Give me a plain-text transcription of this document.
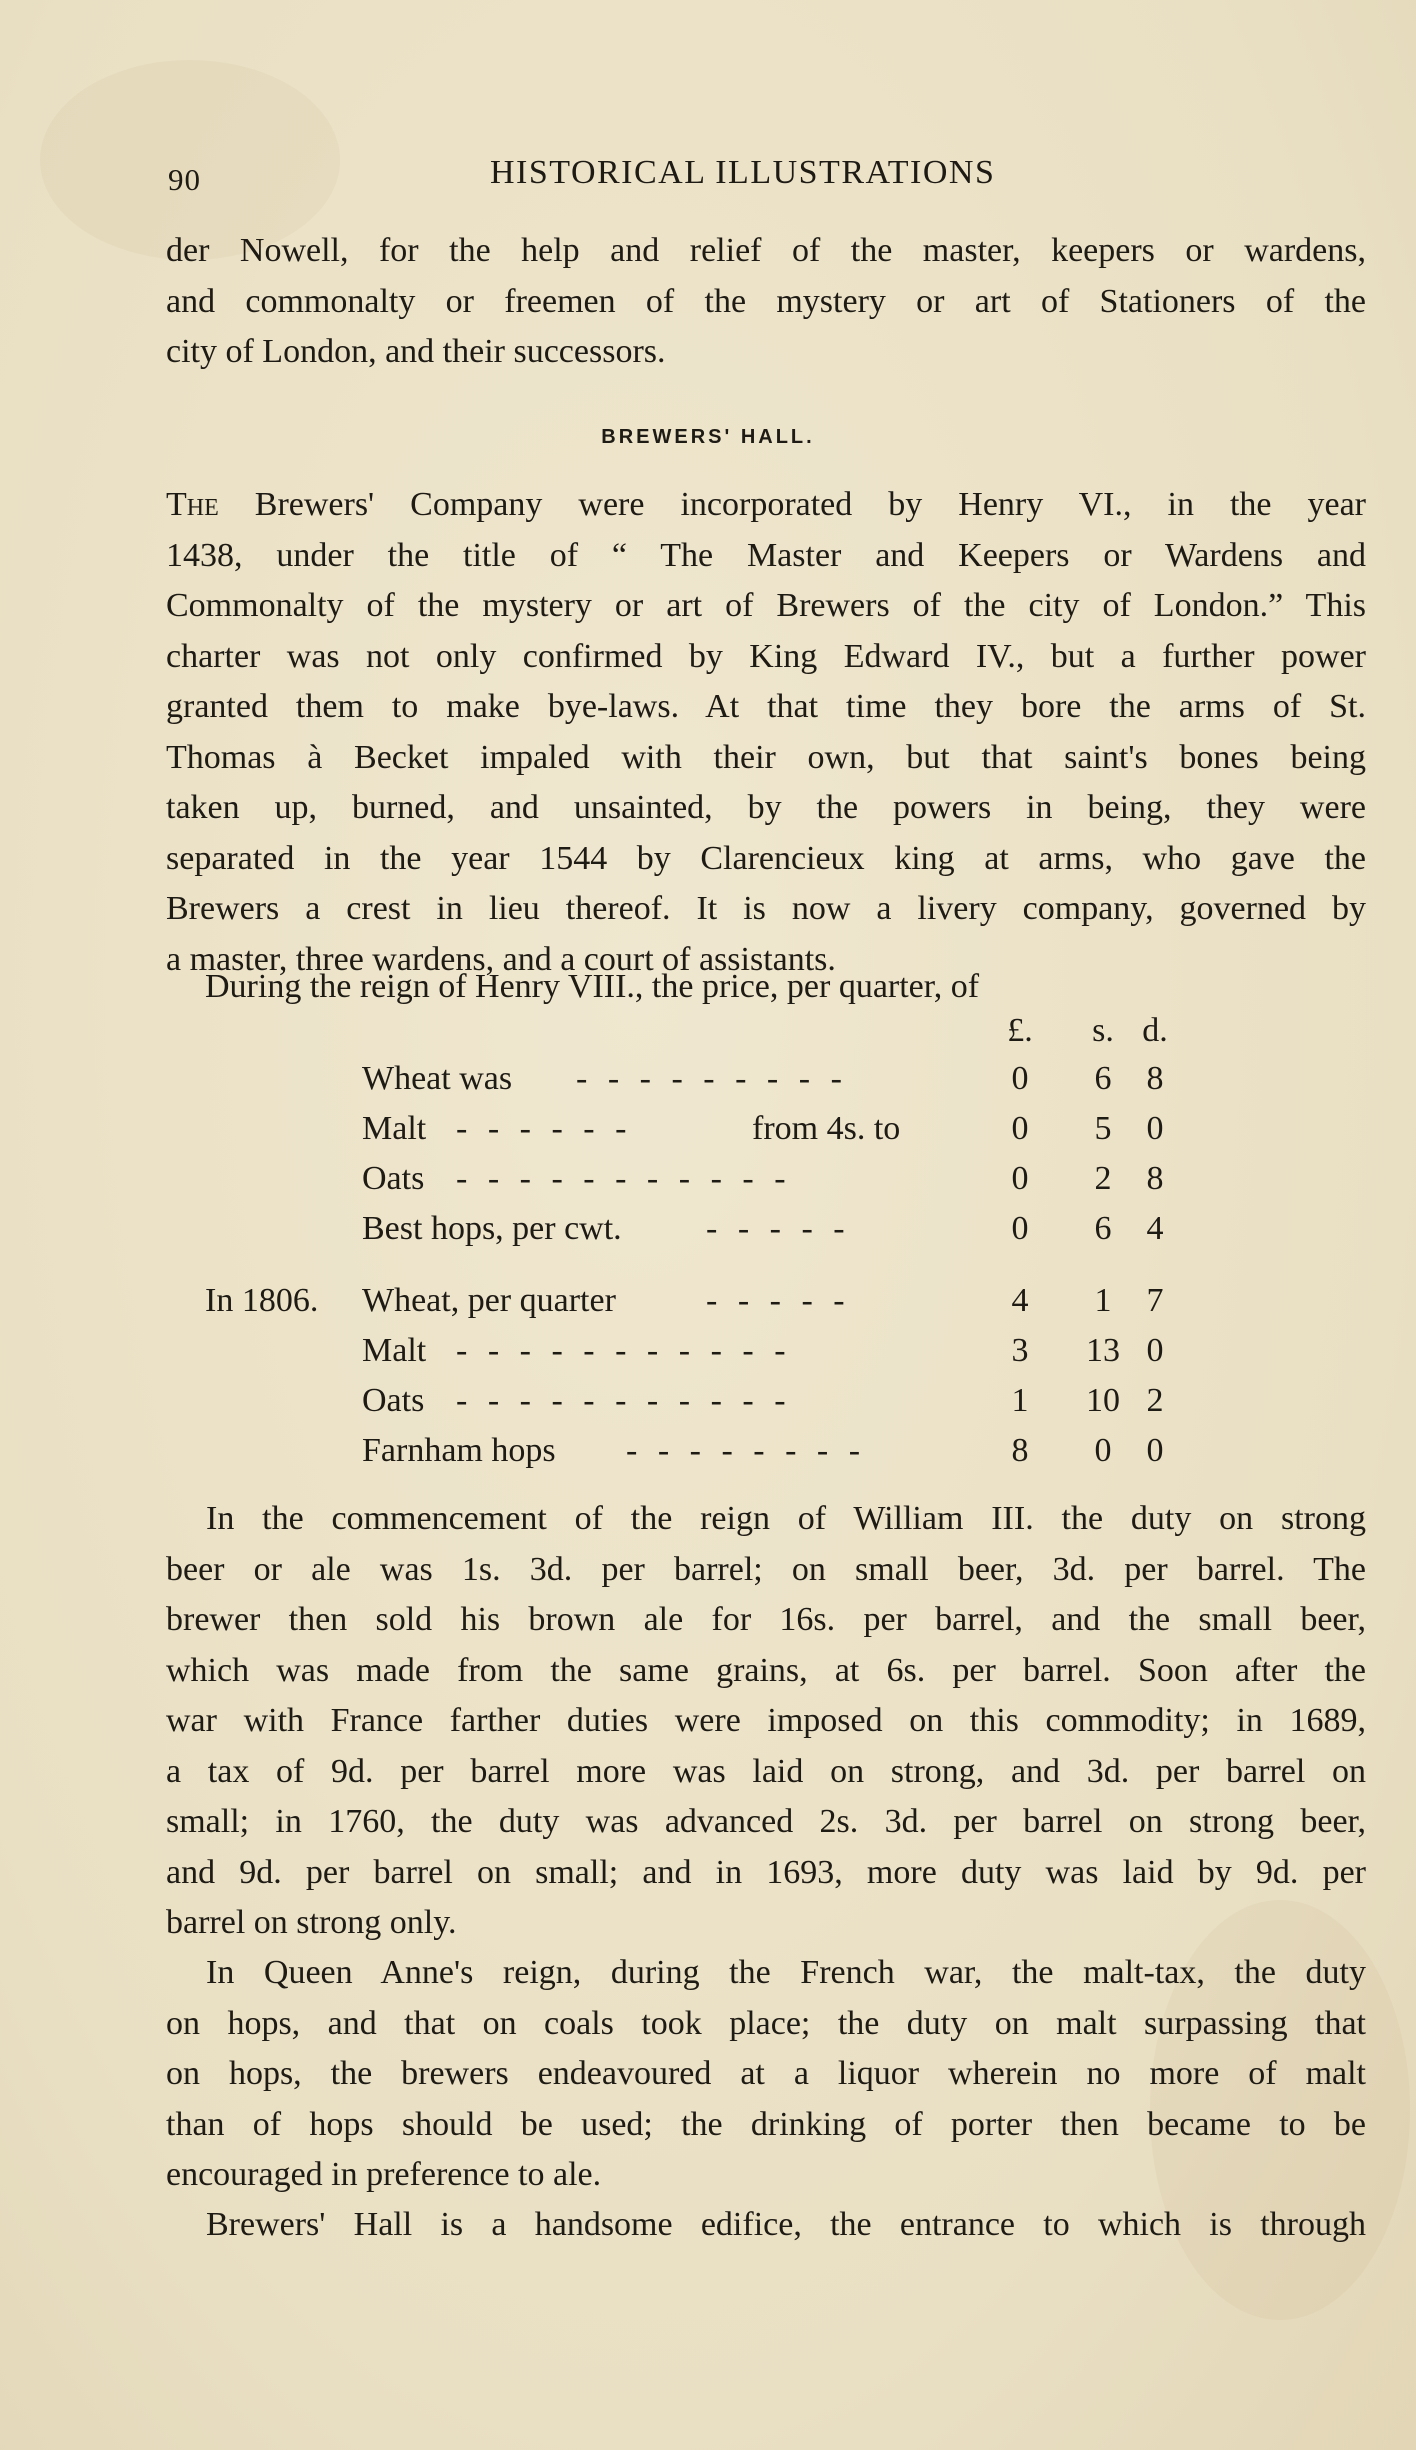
90	HISTORICAL ILLUSTRATIONS
der Nowell, for the help and relief of the master, keepers or wardens,
and commonalty or freemen of the mystery or art of Stationers of the
city of London, and their successors.
BREWERS' HALL.
The Brewers' Company were incorporated by Henry VI., in the year
1438, under the title of “ The Master and Keepers or Wardens and
Commonalty of the mystery or art of Brewers of the city of London.” This
charter was not only confirmed by King Edward IV., but a further power
granted them to make bye-laws. At that time they bore the arms of St.
Thomas à Becket impaled with their own, but that saint's bones being
taken up, burned, and unsainted, by the powers in being, they were
separated in the year 1544 by Clarencieux king at arms, who gave the
Brewers a crest in lieu thereof. It is now a livery company, governed by
a master, three wardens, and a court of assistants.
During the reign of Henry VIII., the price, per quarter, of
£. s. d.
Wheat was - - - - - - - - -	0	6	8
Malt - - - - - -	from 4s. to	0	5	0
Oats - - - - - - - - - - -	0	2	8
Best hops, per cwt. - - - - -	0	6	4
In 1806. Wheat, per quarter	- - - - -	4	1	7
Malt - - - - - - - - - - -	3 13 0
Oats - - - - - - - - - - -	1 10 2
Farnham hops - - - - - - - -	8	0	0
In the commencement of the reign of William III. the duty on strong
beer or ale was 1s. 3d. per barrel; on small beer, 3d. per barrel. The
brewer then sold his brown ale for 16s. per barrel, and the small beer,
which was made from the same grains, at 6s. per barrel. Soon after the
war with France farther duties were imposed on this commodity; in 1689,
a tax of 9d. per barrel more was laid on strong, and 3d. per barrel on
small; in 1760, the duty was advanced 2s. 3d. per barrel on strong beer,
and 9d. per barrel on small; and in 1693, more duty was laid by 9d. per
barrel on strong only.
In Queen Anne's reign, during the French war, the malt-tax, the duty
on hops, and that on coals took place; the duty on malt surpassing that
on hops, the brewers endeavoured at a liquor wherein no more of malt
than of hops should be used; the drinking of porter then became to be
encouraged in preference to ale.
Brewers' Hall is a handsome edifice, the entrance to which is through
